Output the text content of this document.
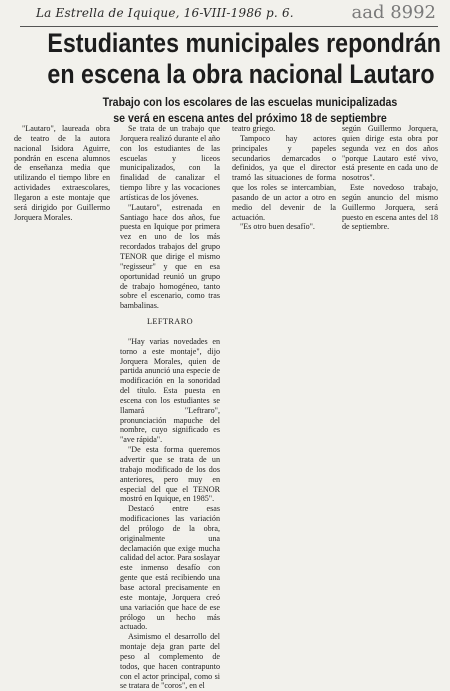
La Estrella de Iquique, 16-VIII-1986 p. 6.	aad 8992
Estudiantes municipales repondrán
en escena la obra nacional Lautaro
Trabajo con los escolares de las escuelas municipalizadas
se verá en escena antes del próximo 18 de septiembre

"Lautaro", laureada obra de teatro de la autora nacional Isidora Aguirre, pondrán en escena alumnos de enseñanza media que utilizando el tiempo libre en actividades extraescolares, llegaron a este montaje que será dirigido por Guillermo Jorquera Morales.

Se trata de un trabajo que Jorquera realizó durante el año con los estudiantes de las escuelas y liceos municipalizados, con la finalidad de canalizar el tiempo libre y las vocaciones artísticas de los jóvenes.

"Lautaro", estrenada en Santiago hace dos años, fue puesta en Iquique por primera vez en uno de los más recordados trabajos del grupo TENOR que dirige el mismo "regisseur" y que en esa oportunidad reunió un grupo de trabajo homogéneo, tanto sobre el escenario, como tras bambalinas.

LEFTRARO

"Hay varias novedades en torno a este montaje", dijo Jorquera Morales, quien de partida anunció una especie de modificación en la sonoridad del título. Esta puesta en escena con los estudiantes se llamará "Leftraro", pronunciación mapuche del nombre, cuyo significado es "ave rápida".

"De esta forma queremos advertir que se trata de un trabajo modificado de los dos anteriores, pero muy en especial del que el TENOR mostró en Iquique, en 1985".

Destacó entre esas modificaciones las variación del prólogo de la obra, originalmente una declamación que exige mucha calidad del actor. Para soslayar este inmenso desafío con gente que está recibiendo una base actoral precisamente en este montaje, Jorquera creó una variación que hace de ese prólogo un hecho más actuado.

Asimismo el desarrollo del montaje deja gran parte del peso al complemento de todos, que hacen contrapunto con el actor principal, como si se tratara de "coros", en el

teatro griego.

Tampoco hay actores principales y papeles secundarios demarcados o definidos, ya que el director tramó las situaciones de forma que los roles se intercambian, pasando de un actor a otro en medio del devenir de la actuación.

"Es otro buen desafío".

según Guillermo Jorquera, quien dirige esta obra por segunda vez en dos años "porque Lautaro esté vivo, está presente en cada uno de nosotros".

Este novedoso trabajo, según anuncio del mismo Guillermo Jorquera, será puesto en escena antes del 18 de septiembre.
